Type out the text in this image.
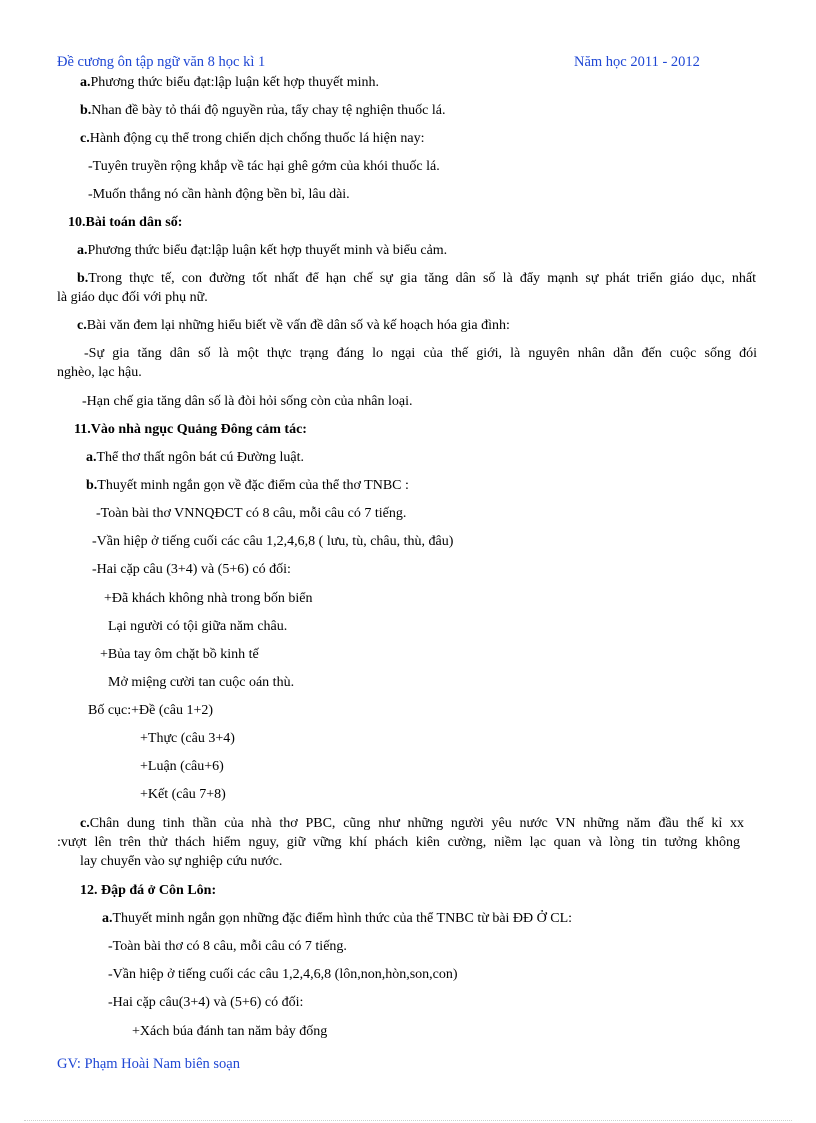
Đề cương ôn tập ngữ văn 8 học kì 1	Năm học 2011 - 2012
a.Phương thức biểu đạt:lập luận kết hợp thuyết minh.
b.Nhan đề bày tỏ thái độ nguyền rủa, tẩy chay tệ nghiện thuốc lá.
c.Hành động cụ thể trong chiến dịch chống thuốc lá hiện nay:
-Tuyên truyền rộng khắp về tác hại ghê gớm của khói thuốc lá.
-Muốn thắng nó cần hành động bền bỉ, lâu dài.
10.Bài toán dân số:
a.Phương thức biểu đạt:lập luận kết hợp thuyết minh và biểu cảm.
b.Trong thực tế, con đường tốt nhất để hạn chế sự gia tăng dân số là đẩy mạnh sự phát triển giáo dục, nhất
là giáo dục đối với phụ nữ.
c.Bài văn đem lại những hiểu biết về vấn đề dân số và kế hoạch hóa gia đình:
-Sự gia tăng dân số là một thực trạng đáng lo ngại của thế giới, là nguyên nhân dẫn đến cuộc sống đói
nghèo, lạc hậu.
-Hạn chế gia tăng dân số là đòi hỏi sống còn của nhân loại.
11.Vào nhà ngục Quảng Đông cảm tác:
a.Thể thơ thất ngôn bát cú Đường luật.
b.Thuyết minh ngắn gọn về đặc điểm của thể thơ TNBC :
-Toàn bài thơ VNNQĐCT có 8 câu, mỗi câu có 7 tiếng.
-Vần hiệp ở tiếng cuối các câu 1,2,4,6,8 ( lưu, tù, châu, thù, đâu)
-Hai cặp câu (3+4) và (5+6) có đối:
+Đã khách không nhà trong bốn biển
Lại người có tội giữa năm châu.
+Bủa tay ôm chặt bồ kinh tế
Mở miệng cười tan cuộc oán thù.
Bố cục:+Đề (câu 1+2)
+Thực (câu 3+4)
+Luận (câu+6)
+Kết (câu 7+8)
c.Chân dung tinh thần của nhà thơ PBC, cũng như những người yêu nước VN những năm đầu thế kỉ xx
:vượt lên trên thử thách hiểm nguy, giữ vững khí phách kiên cường, niềm lạc quan và lòng tin tưởng không
lay chuyển vào sự nghiệp cứu nước.
12. Đập đá ở Côn Lôn:
a.Thuyết minh ngắn gọn những đặc điểm hình thức của thể TNBC từ bài ĐĐ Ở CL:
-Toàn bài thơ có 8 câu, mỗi câu có 7 tiếng.
-Vần hiệp ở tiếng cuối các câu 1,2,4,6,8 (lôn,non,hòn,son,con)
-Hai cặp câu(3+4) và (5+6) có đối:
+Xách búa đánh tan năm bảy đống
GV: Phạm Hoài Nam biên soạn
